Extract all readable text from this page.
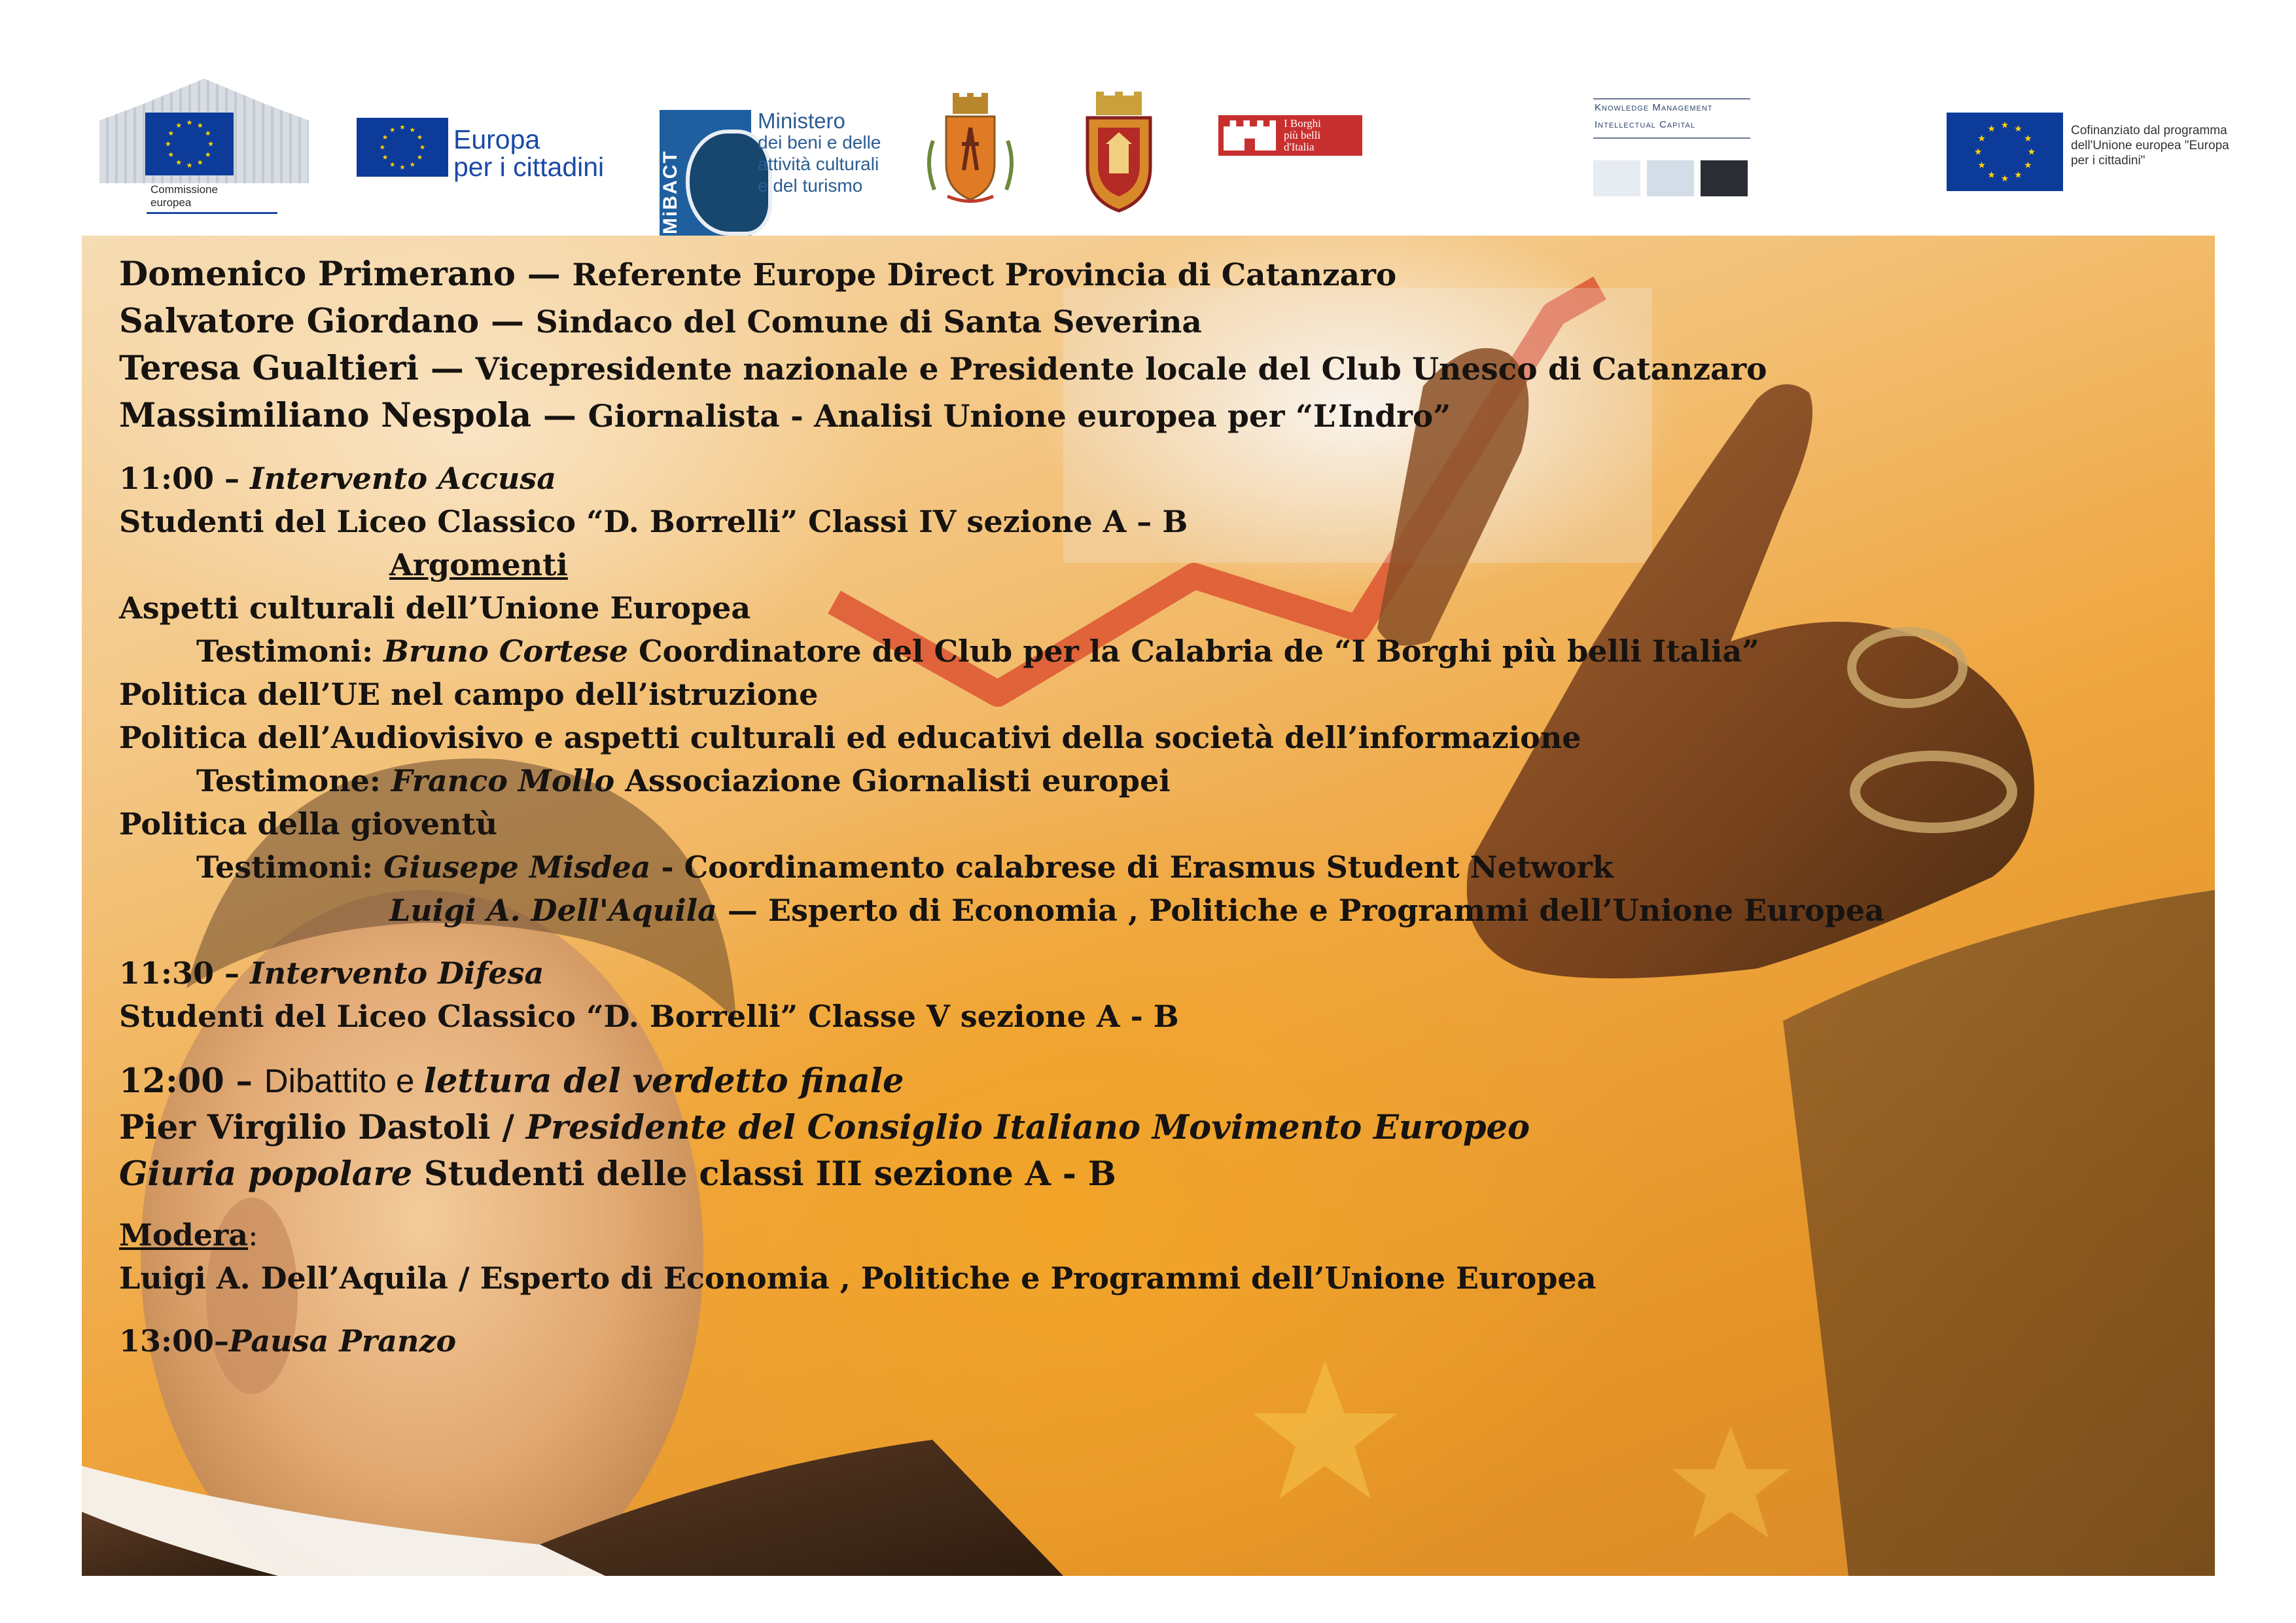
Commissione
europea
Europa
per i cittadini	MiBACT
Ministero
dei beni e delle
attività culturali
e del turismo
I Borghi
più belli
d'Italia
Knowledge Management
Intellectual Capital	Cofinanziato dal programma dell'Unione europea "Europa per i cittadini"
Domenico Primerano — Referente Europe Direct Provincia di Catanzaro
Salvatore Giordano — Sindaco del Comune di Santa Severina
Teresa Gualtieri — Vicepresidente nazionale e Presidente locale del Club Unesco di Catanzaro
Massimiliano Nespola — Giornalista - Analisi Unione europea per “L’Indro”
11:00 – Intervento Accusa
Studenti del Liceo Classico “D. Borrelli” Classi IV sezione A – B
Argomenti
Aspetti culturali dell’Unione Europea
Testimoni: Bruno Cortese Coordinatore del Club per la Calabria de “I Borghi più belli Italia”
Politica dell’UE nel campo dell’istruzione
Politica dell’Audiovisivo e aspetti culturali ed educativi della società dell’informazione
Testimone: Franco Mollo Associazione Giornalisti europei
Politica della gioventù
Testimoni: Giusepe Misdea - Coordinamento calabrese di Erasmus Student Network
Luigi A. Dell'Aquila — Esperto di Economia , Politiche e Programmi dell’Unione Europea
11:30 – Intervento Difesa
Studenti del Liceo Classico “D. Borrelli” Classe V sezione A - B
12:00 – Dibattito e lettura del verdetto finale
Pier Virgilio Dastoli / Presidente del Consiglio Italiano Movimento Europeo
Giuria popolare Studenti delle classi III sezione A - B
Modera:
Luigi A. Dell’Aquila / Esperto di Economia , Politiche e Programmi dell’Unione Europea
13:00–Pausa Pranzo
